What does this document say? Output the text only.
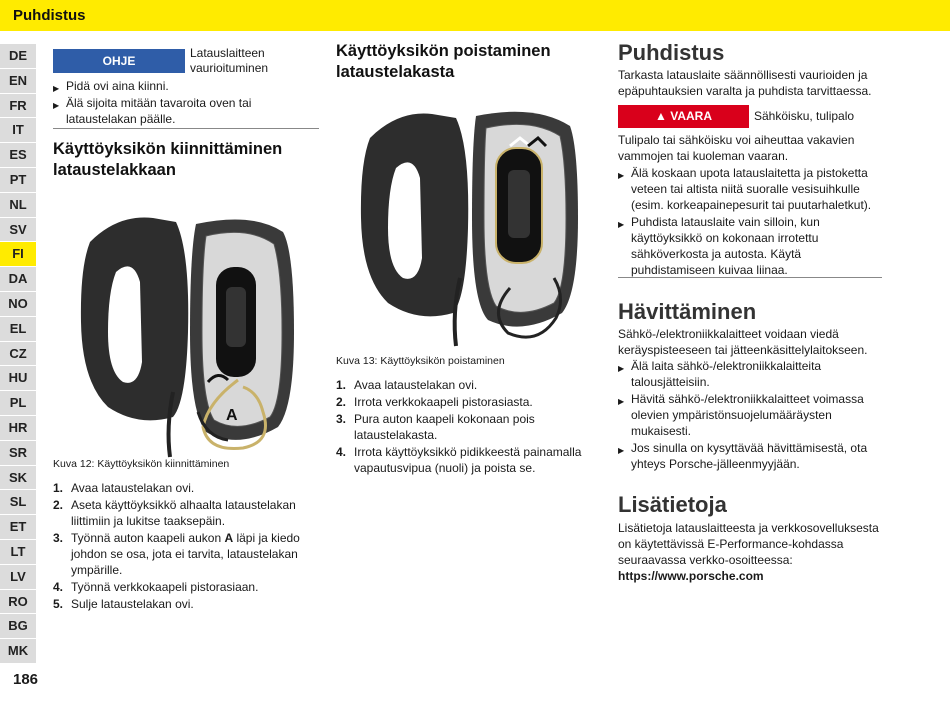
Puhdistus
DE
EN
FR
IT
ES
PT
NL
SV
FI
DA
NO
EL
CZ
HU
PL
HR
SR
SK
SL
ET
LT
LV
RO
BG
MK
186
OHJE
Latauslaitteen vaurioituminen
▶ Pidä ovi aina kiinni.
▶ Älä sijoita mitään tavaroita oven tai lataustelakan päälle.
Käyttöyksikön kiinnittäminen lataustelakkaan
A
Kuva 12: Käyttöyksikön kiinnittäminen
1. Avaa lataustelakan ovi.
2. Aseta käyttöyksikkö alhaalta lataustelakan liittimiin ja lukitse taaksepäin.
3. Työnnä auton kaapeli aukon A läpi ja kiedo johdon se osa, jota ei tarvita, lataustelakan ympärille.
4. Työnnä verkkokaapeli pistorasiaan.
5. Sulje lataustelakan ovi.
Käyttöyksikön poistaminen lataustelakasta
Kuva 13: Käyttöyksikön poistaminen
1. Avaa lataustelakan ovi.
2. Irrota verkkokaapeli pistorasiasta.
3. Pura auton kaapeli kokonaan pois lataustelakasta.
4. Irrota käyttöyksikkö pidikkeestä painamalla vapautusvipua (nuoli) ja poista se.
Puhdistus

Tarkasta latauslaite säännöllisesti vaurioiden ja epäpuhtauksien varalta ja puhdista tarvittaessa.

▲ VAARA	Sähköisku, tulipalo

Tulipalo tai sähköisku voi aiheuttaa vakavien vammojen tai kuoleman vaaran.

▶ Älä koskaan upota latauslaitetta ja pistoketta veteen tai altista niitä suoralle vesisuihkulle (esim. korkeapainepesurit tai puutarhaletkut).
▶ Puhdista latauslaite vain silloin, kun käyttöyksikkö on kokonaan irrotettu sähköverkosta ja autosta. Käytä puhdistamiseen kuivaa liinaa.
Hävittäminen

Sähkö-/elektroniikkalaitteet voidaan viedä keräyspisteeseen tai jätteenkäsittelylaitokseen.

▶ Älä laita sähkö-/elektroniikkalaitteita talousjätteisiin.
▶ Hävitä sähkö-/elektroniikkalaitteet voimassa olevien ympäristönsuojelumääräysten mukaisesti.
▶ Jos sinulla on kysyttävää hävittämisestä, ota yhteys Porsche-jälleenmyyjään.
Lisätietoja

Lisätietoja latauslaitteesta ja verkkosovelluksesta on käytettävissä E-Performance-kohdassa seuraavassa verkko-osoitteessa: https://www.porsche.com
